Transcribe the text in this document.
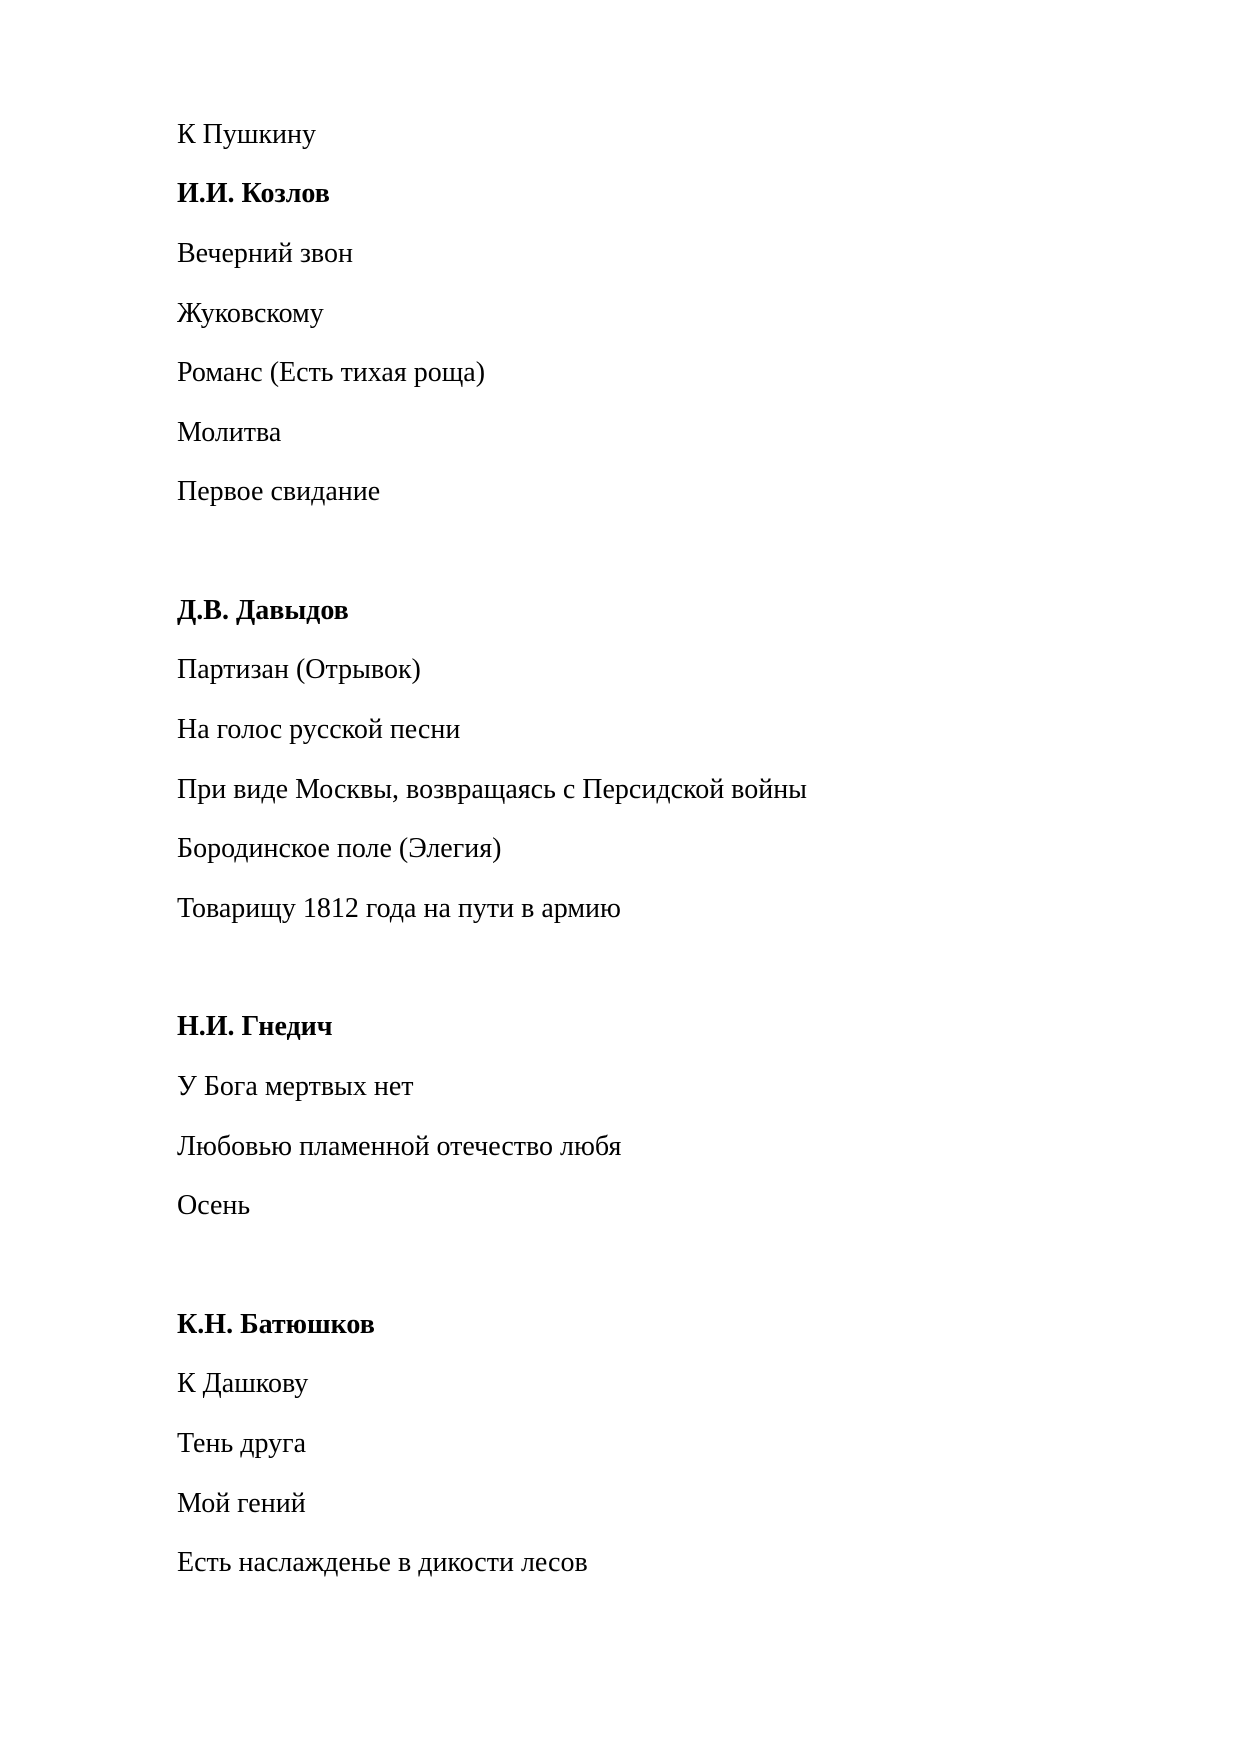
К Пушкину
И.И. Козлов
Вечерний звон
Жуковскому
Романс (Есть тихая роща)
Молитва
Первое свидание
Д.В. Давыдов
Партизан (Отрывок)
На голос русской песни
При виде Москвы, возвращаясь с Персидской войны
Бородинское поле (Элегия)
Товарищу 1812 года на пути в армию
Н.И. Гнедич
У Бога мертвых нет
Любовью пламенной отечество любя
Осень
К.Н. Батюшков
К Дашкову
Тень друга
Мой гений
Есть наслажденье в дикости лесов
